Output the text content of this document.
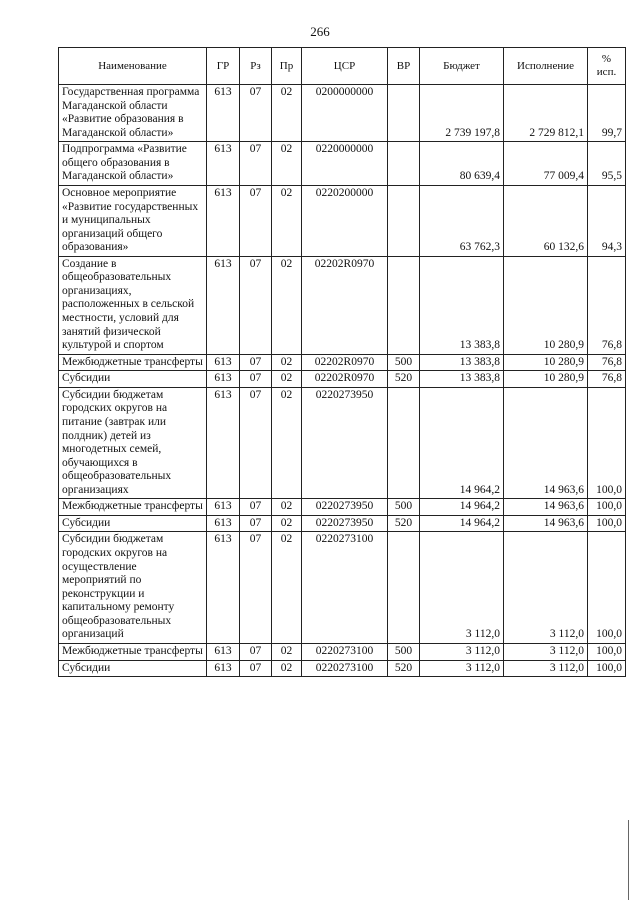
266
Наименование	ГР	Рз	Пр	ЦСР	ВР	Бюджет	Исполнение	%
исп.
Государственная программа Магаданской области «Развитие образования в Магаданской области»	613	07	02	0200000000		2 739 197,8	2 729 812,1	99,7
Подпрограмма «Развитие общего образования в Магаданской области»	613	07	02	0220000000		80 639,4	77 009,4	95,5
Основное мероприятие «Развитие государственных и муниципальных организаций общего образования»	613	07	02	0220200000		63 762,3	60 132,6	94,3
Создание в общеобразовательных организациях, расположенных в сельской местности, условий для занятий физической культурой и спортом	613	07	02	02202R0970		13 383,8	10 280,9	76,8
Межбюджетные трансферты	613	07	02	02202R0970	500	13 383,8	10 280,9	76,8
Субсидии	613	07	02	02202R0970	520	13 383,8	10 280,9	76,8
Субсидии бюджетам городских округов на питание (завтрак или полдник) детей из многодетных семей, обучающихся в общеобразовательных организациях	613	07	02	0220273950		14 964,2	14 963,6	100,0
Межбюджетные трансферты	613	07	02	0220273950	500	14 964,2	14 963,6	100,0
Субсидии	613	07	02	0220273950	520	14 964,2	14 963,6	100,0
Субсидии бюджетам городских округов на осуществление мероприятий по реконструкции и капитальному ремонту общеобразовательных организаций	613	07	02	0220273100		3 112,0	3 112,0	100,0
Межбюджетные трансферты	613	07	02	0220273100	500	3 112,0	3 112,0	100,0
Субсидии	613	07	02	0220273100	520	3 112,0	3 112,0	100,0
